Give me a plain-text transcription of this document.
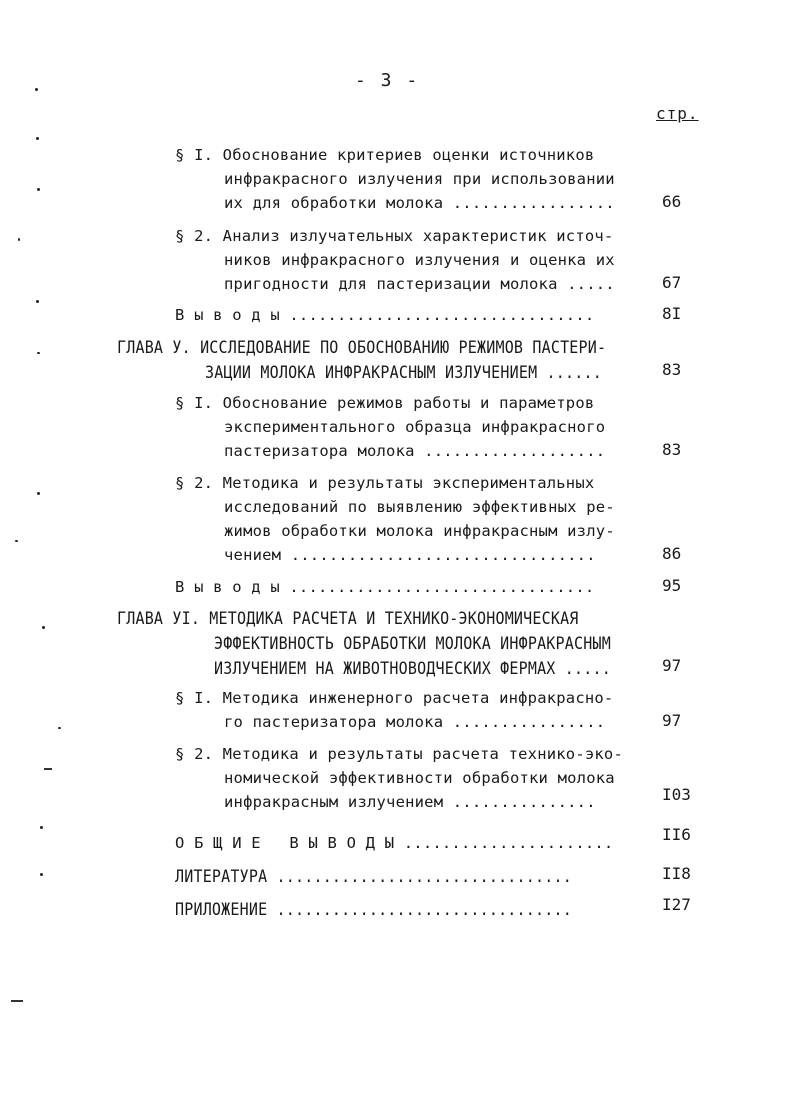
- 3 -
стр.
§ I. Обоснование критериев оценки источников
инфракрасного излучения при использовании
их для обработки молока .................	66
§ 2. Анализ излучательных характеристик источ-
ников инфракрасного излучения и оценка их
пригодности для пастеризации молока .....	67
В ы в о д ы ................................	8I
ГЛАВА У. ИССЛЕДОВАНИЕ ПО ОБОСНОВАНИЮ РЕЖИМОВ ПАСТЕРИ-
ЗАЦИИ МОЛОКА ИНФРАКРАСНЫМ ИЗЛУЧЕНИЕМ ......	83
§ I. Обоснование режимов работы и параметров
экспериментального образца инфракрасного
пастеризатора молока ...................	83
§ 2. Методика и результаты экспериментальных
исследований по выявлению эффективных ре-
жимов обработки молока инфракрасным излу-
чением ................................	86
В ы в о д ы ................................	95
ГЛАВА УI. МЕТОДИКА РАСЧЕТА И ТЕХНИКО-ЭКОНОМИЧЕСКАЯ
ЭФФЕКТИВНОСТЬ ОБРАБОТКИ МОЛОКА ИНФРАКРАСНЫМ
ИЗЛУЧЕНИЕМ НА ЖИВОТНОВОДЧЕСКИХ ФЕРМАХ .....	97
§ I. Методика инженерного расчета инфракрасно-
го пастеризатора молока ................	97
§ 2. Методика и результаты расчета технико-эко-
номической эффективности обработки молока
инфракрасным излучением ...............	I03
О Б Щ И Е   В Ы В О Д Ы ......................	II6
ЛИТЕРАТУРА ................................	II8
ПРИЛОЖЕНИЕ ................................	I27
